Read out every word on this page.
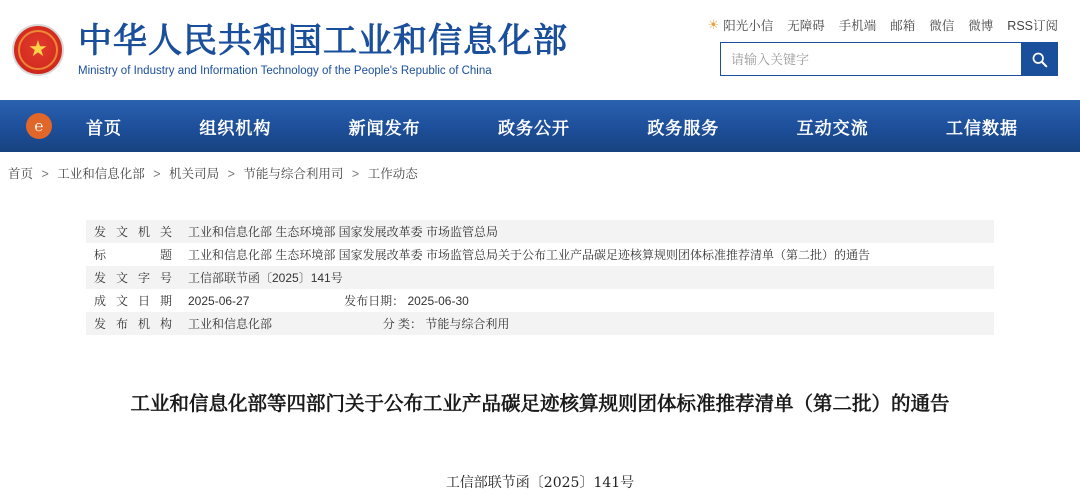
★ 中华人民共和国工业和信息化部
Ministry of Industry and Information Technology of the People's Republic of China
☀ 阳光小信 无障碍 手机端 邮箱 微信 微博 RSS订阅
请输入关键字
℮	首页	组织机构	新闻发布	政务公开	政务服务	互动交流	工信数据
首页 > 工业和信息化部 > 机关司局 > 节能与综合利用司 > 工作动态
发文机关	工业和信息化部 生态环境部 国家发展改革委 市场监管总局
标 题	工业和信息化部 生态环境部 国家发展改革委 市场监管总局关于公布工业产品碳足迹核算规则团体标准推荐清单（第二批）的通告
发文字号	工信部联节函〔2025〕141号
成文日期	2025-06-27 发布日期： 2025-06-30
发布机构	工业和信息化部 分 类： 节能与综合利用
工业和信息化部等四部门关于公布工业产品碳足迹核算规则团体标准推荐清单（第二批）的通告
工信部联节函〔2025〕141号
